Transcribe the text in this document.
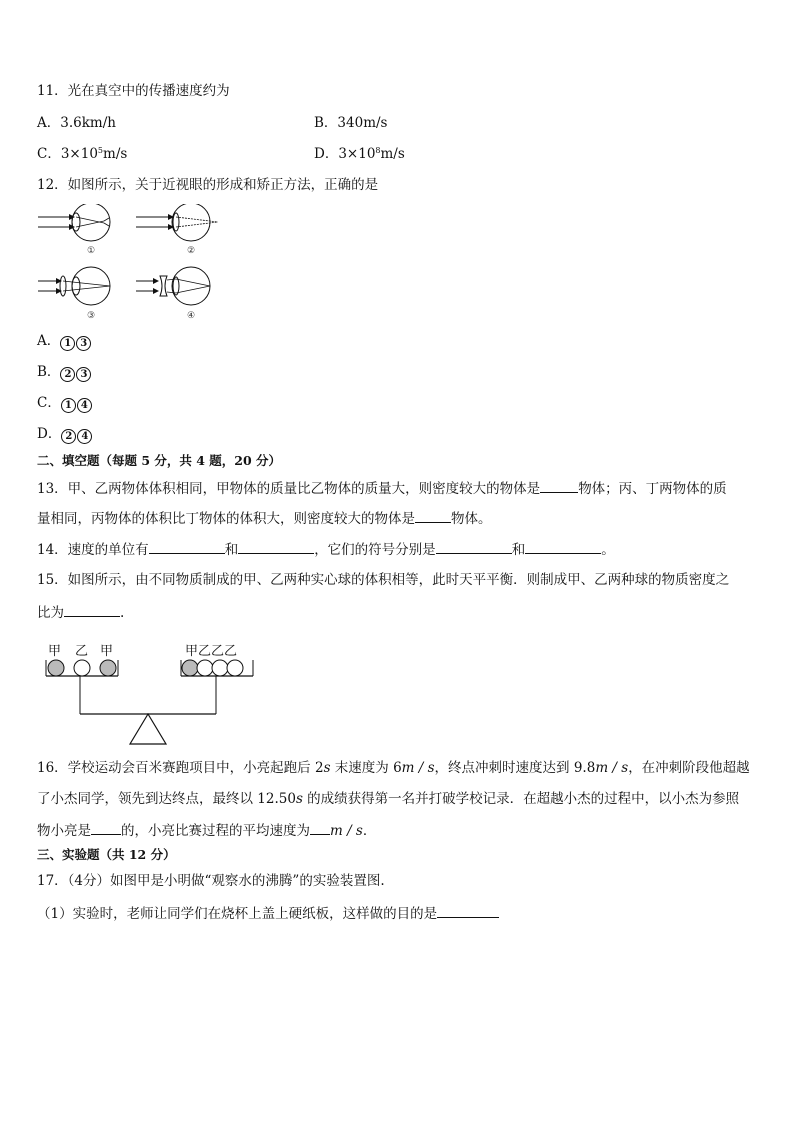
11．光在真空中的传播速度约为
A．3.6km/h	B．340m/s
C．$3\times 10^5m/s$	D．$3\times 10^8m/s$
12．如图所示，关于近视眼的形成和矫正方法，正确的是
①	②
③	④
A． 1 3
B． 2 3
C． 1 4
D． 2 4
二、填空题（每题 5 分，共 4 题，20 分）
13．甲、乙两物体体积相同，甲物体的质量比乙物体的质量大，则密度较大的物体是	物体；丙、丁两物体的质
量相同，丙物体的体积比丁物体的体积大，则密度较大的物体是	物体。
14．速度的单位有	和	，它们的符号分别是	和	。
15．如图所示，由不同物质制成的甲、乙两种实心球的体积相等，此时天平平衡．则制成甲、乙两种球的物质密度之
比为	.
甲 乙 甲	甲乙乙乙
16．学校运动会百米赛跑项目中，小亮起跑后 2s 末速度为 6m / s，终点冲刺时速度达到 9.8m / s，在冲刺阶段他超越
了小杰同学，领先到达终点，最终以 12.50s 的成绩获得第一名并打破学校记录．在超越小杰的过程中，以小杰为参照
物小亮是 的，小亮比赛过程的平均速度为 m / s．
三、实验题（共 12 分）
17．（4分）如图甲是小明做“观察水的沸腾”的实验装置图.
（1）实验时，老师让同学们在烧杯上盖上硬纸板，这样做的目的是
